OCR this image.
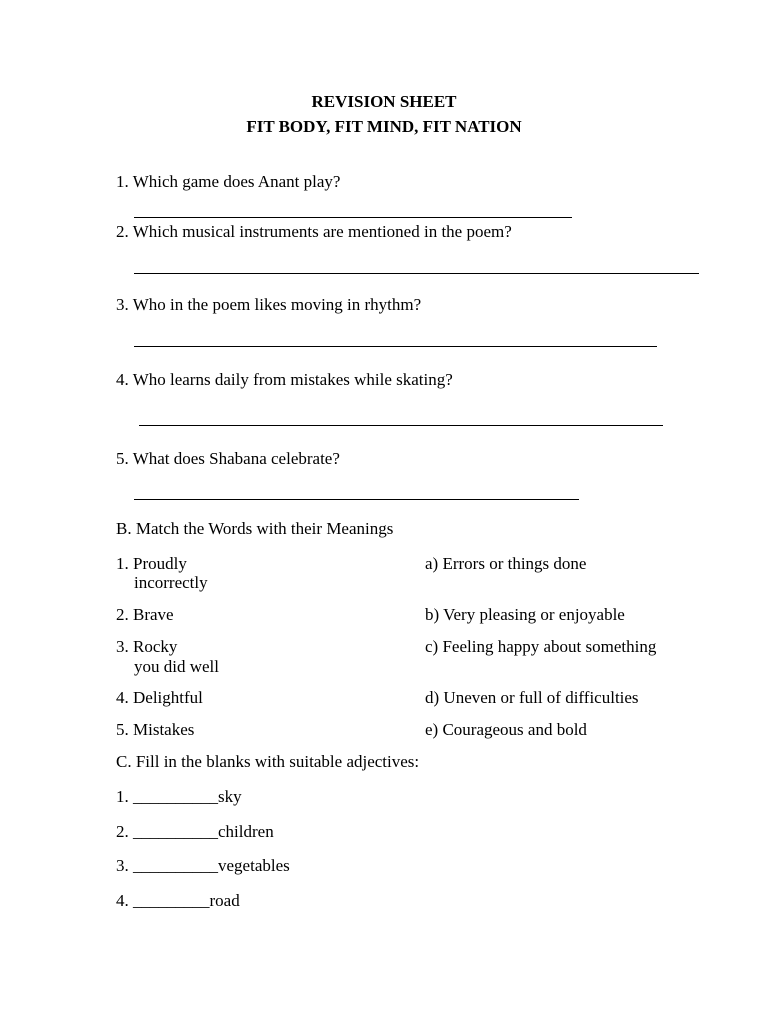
REVISION SHEET
FIT BODY, FIT MIND, FIT NATION
1. Which game does Anant play?
2. Which musical instruments are mentioned in the poem?
3. Who in the poem likes moving in rhythm?
4. Who learns daily from mistakes while skating?
5. What does Shabana celebrate?
B. Match the Words with their Meanings
1. Proudly	a) Errors or things done
incorrectly
2. Brave	b) Very pleasing or enjoyable
3. Rocky	c) Feeling happy about something
you did well
4. Delightful	d) Uneven or full of difficulties
5. Mistakes	e) Courageous and bold
C. Fill in the blanks with suitable adjectives:
1. __________sky
2. __________children
3. __________vegetables
4. _________road
